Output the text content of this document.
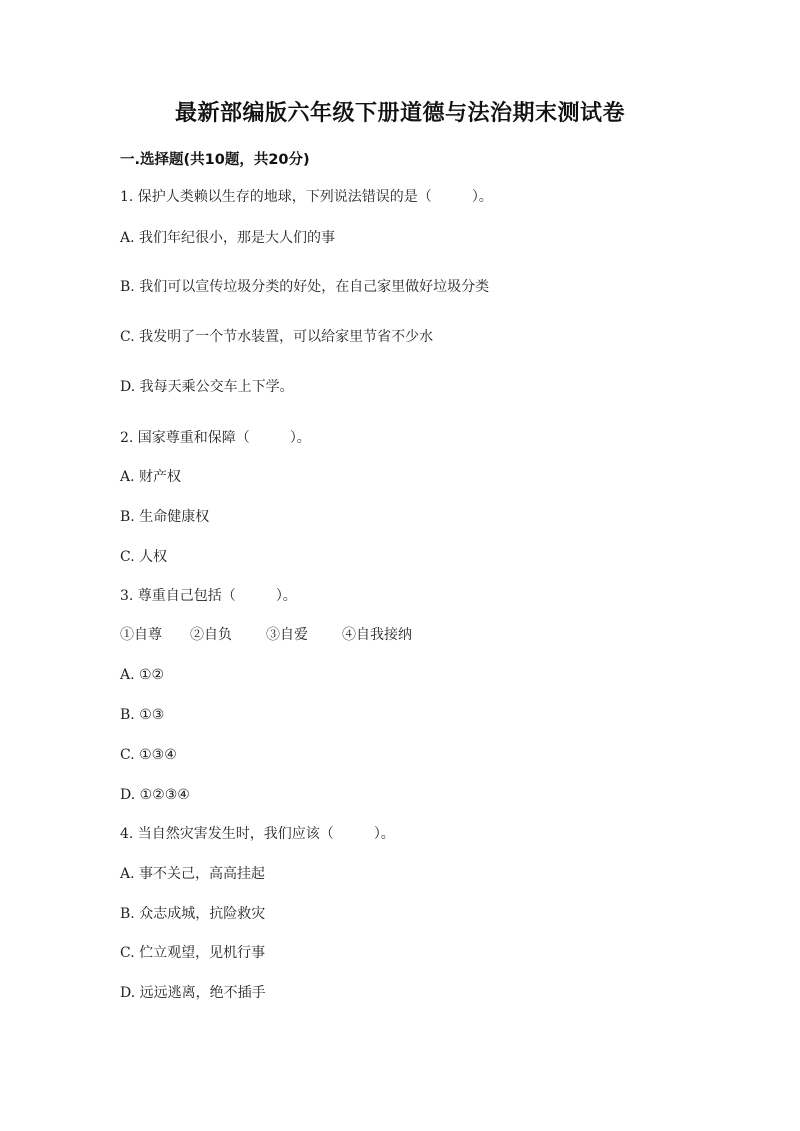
最新部编版六年级下册道德与法治期末测试卷
一.选择题(共10题，共20分)
1. 保护人类赖以生存的地球，下列说法错误的是（	）。
A. 我们年纪很小，那是大人们的事
B. 我们可以宣传垃圾分类的好处，在自己家里做好垃圾分类
C. 我发明了一个节水装置，可以给家里节省不少水
D. 我每天乘公交车上下学。
2. 国家尊重和保障（	）。
A. 财产权
B. 生命健康权
C. 人权
3. 尊重自己包括（	）。
①自尊 ②自负 ③自爱 ④自我接纳
A. ①②
B. ①③
C. ①③④
D. ①②③④
4. 当自然灾害发生时，我们应该（	）。
A. 事不关己，高高挂起
B. 众志成城，抗险救灾
C. 伫立观望，见机行事
D. 远远逃离，绝不插手
